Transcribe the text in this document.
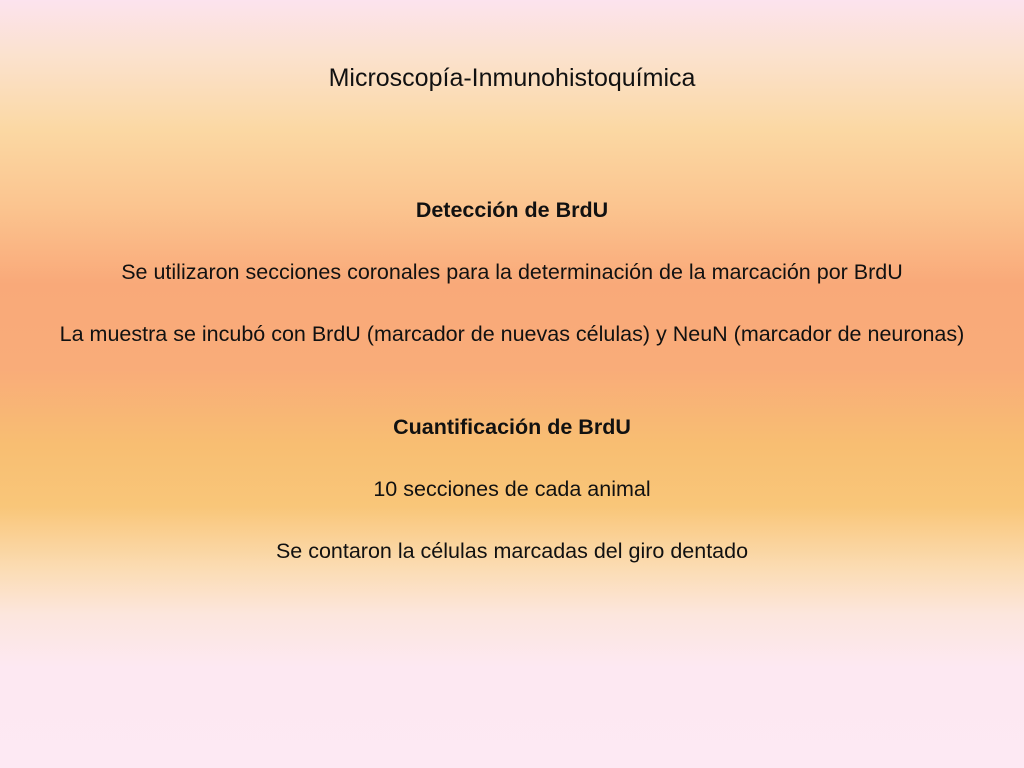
Microscopía-Inmunohistoquímica

Detección de BrdU

Se utilizaron secciones coronales para la determinación de la marcación por BrdU

La muestra se incubó con BrdU (marcador de nuevas células) y NeuN (marcador de neuronas)

Cuantificación de BrdU

10 secciones de cada animal

Se contaron la células marcadas del giro dentado
